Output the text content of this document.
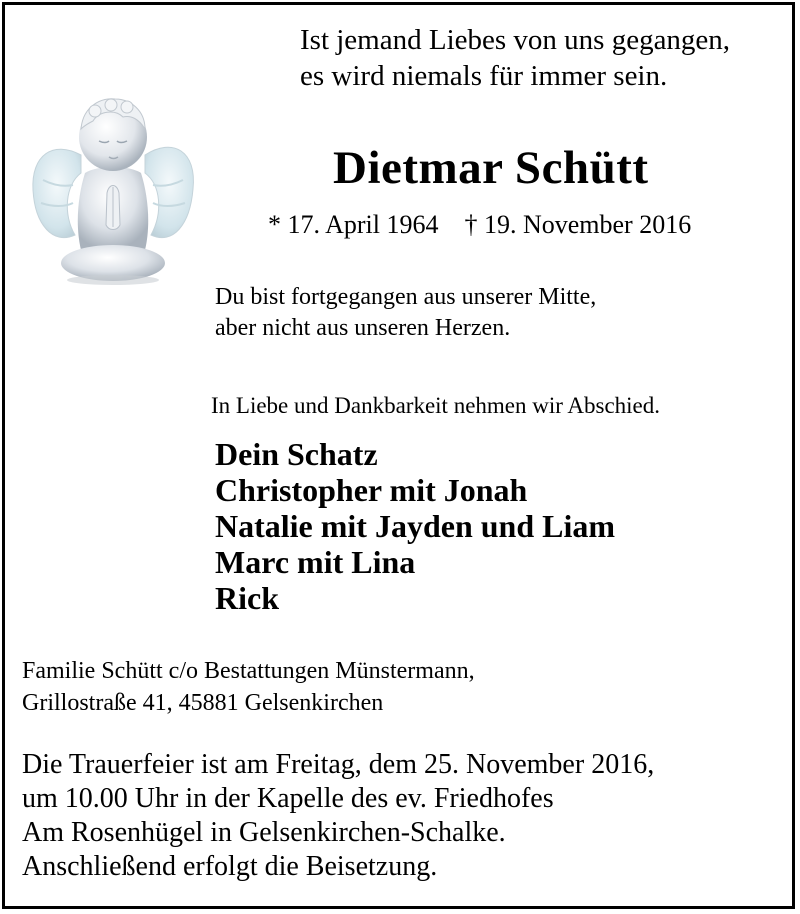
Ist jemand Liebes von uns gegangen,
es wird niemals für immer sein.
Dietmar Schütt
* 17. April 1964 † 19. November 2016
Du bist fortgegangen aus unserer Mitte,
aber nicht aus unseren Herzen.
In Liebe und Dankbarkeit nehmen wir Abschied.
Dein Schatz
Christopher mit Jonah
Natalie mit Jayden und Liam
Marc mit Lina
Rick
Familie Schütt c/o Bestattungen Münstermann,
Grillostraße 41, 45881 Gelsenkirchen
Die Trauerfeier ist am Freitag, dem 25. November 2016,
um 10.00 Uhr in der Kapelle des ev. Friedhofes
Am Rosenhügel in Gelsenkirchen-Schalke.
Anschließend erfolgt die Beisetzung.
